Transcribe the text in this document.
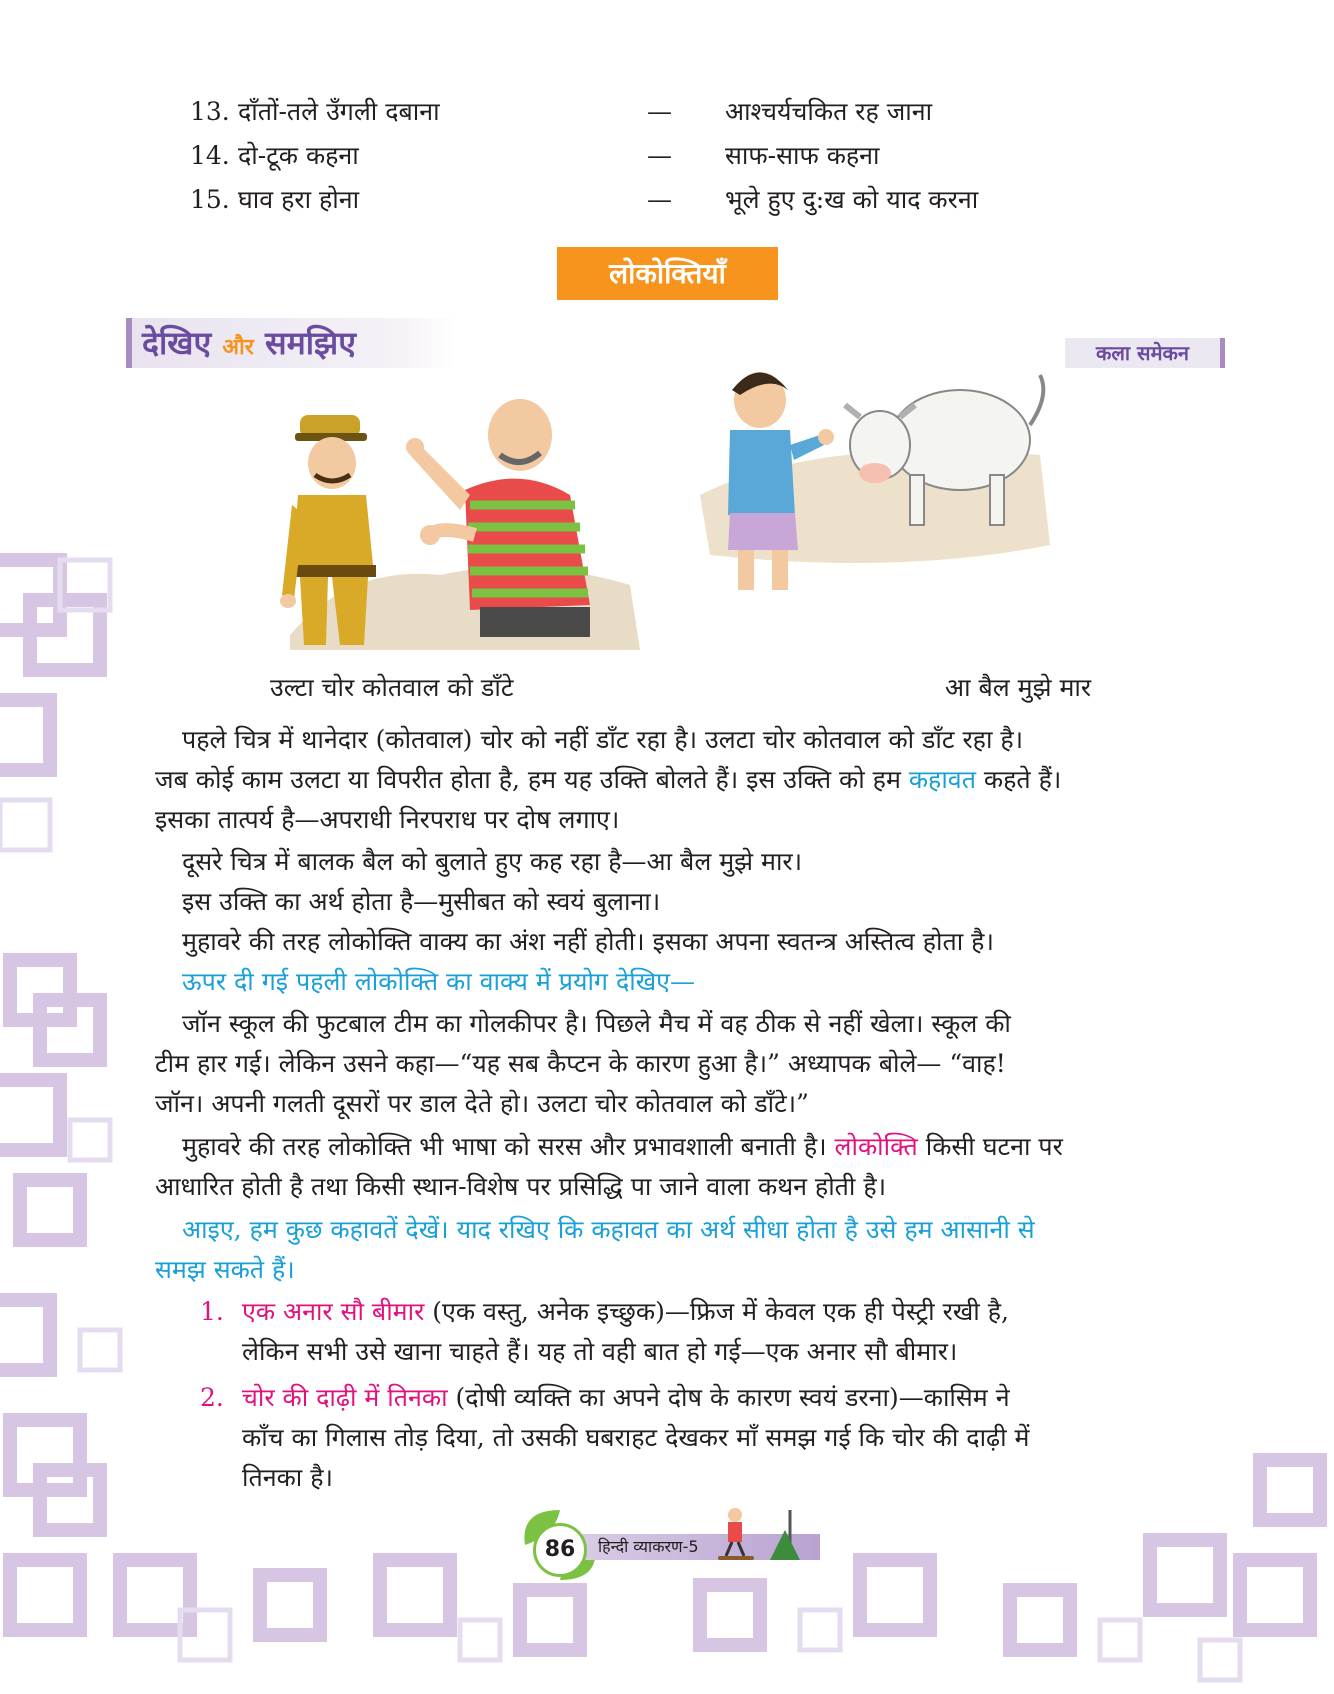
13. दाँतों-तले उँगली दबाना	— आश्चर्यचकित रह जाना
14. दो-टूक कहना	— साफ-साफ कहना
15. घाव हरा होना	— भूले हुए दु:ख को याद करना
लोकोक्तियाँ
देखिए और समझिए	कला समेकन
उल्टा चोर कोतवाल को डाँटे	आ बैल मुझे मार
पहले चित्र में थानेदार (कोतवाल) चोर को नहीं डाँट रहा है। उलटा चोर कोतवाल को डाँट रहा है।
जब कोई काम उलटा या विपरीत होता है, हम यह उक्ति बोलते हैं। इस उक्ति को हम कहावत कहते हैं।
इसका तात्पर्य है—अपराधी निरपराध पर दोष लगाए।
दूसरे चित्र में बालक बैल को बुलाते हुए कह रहा है—आ बैल मुझे मार।
इस उक्ति का अर्थ होता है—मुसीबत को स्वयं बुलाना।
मुहावरे की तरह लोकोक्ति वाक्य का अंश नहीं होती। इसका अपना स्वतन्त्र अस्तित्व होता है।
ऊपर दी गई पहली लोकोक्ति का वाक्य में प्रयोग देखिए—
जॉन स्कूल की फुटबाल टीम का गोलकीपर है। पिछले मैच में वह ठीक से नहीं खेला। स्कूल की
टीम हार गई। लेकिन उसने कहा—“यह सब कैप्टन के कारण हुआ है।” अध्यापक बोले— “वाह!
जॉन। अपनी गलती दूसरों पर डाल देते हो। उलटा चोर कोतवाल को डाँटे।”
मुहावरे की तरह लोकोक्ति भी भाषा को सरस और प्रभावशाली बनाती है। लोकोक्ति किसी घटना पर
आधारित होती है तथा किसी स्थान-विशेष पर प्रसिद्धि पा जाने वाला कथन होती है।
आइए, हम कुछ कहावतें देखें। याद रखिए कि कहावत का अर्थ सीधा होता है उसे हम आसानी से
समझ सकते हैं।
1. एक अनार सौ बीमार (एक वस्तु, अनेक इच्छुक)—फ्रिज में केवल एक ही पेस्ट्री रखी है,
लेकिन सभी उसे खाना चाहते हैं। यह तो वही बात हो गई—एक अनार सौ बीमार।
2. चोर की दाढ़ी में तिनका (दोषी व्यक्ति का अपने दोष के कारण स्वयं डरना)—कासिम ने
काँच का गिलास तोड़ दिया, तो उसकी घबराहट देखकर माँ समझ गई कि चोर की दाढ़ी में
तिनका है।
86	हिन्दी व्याकरण-5
